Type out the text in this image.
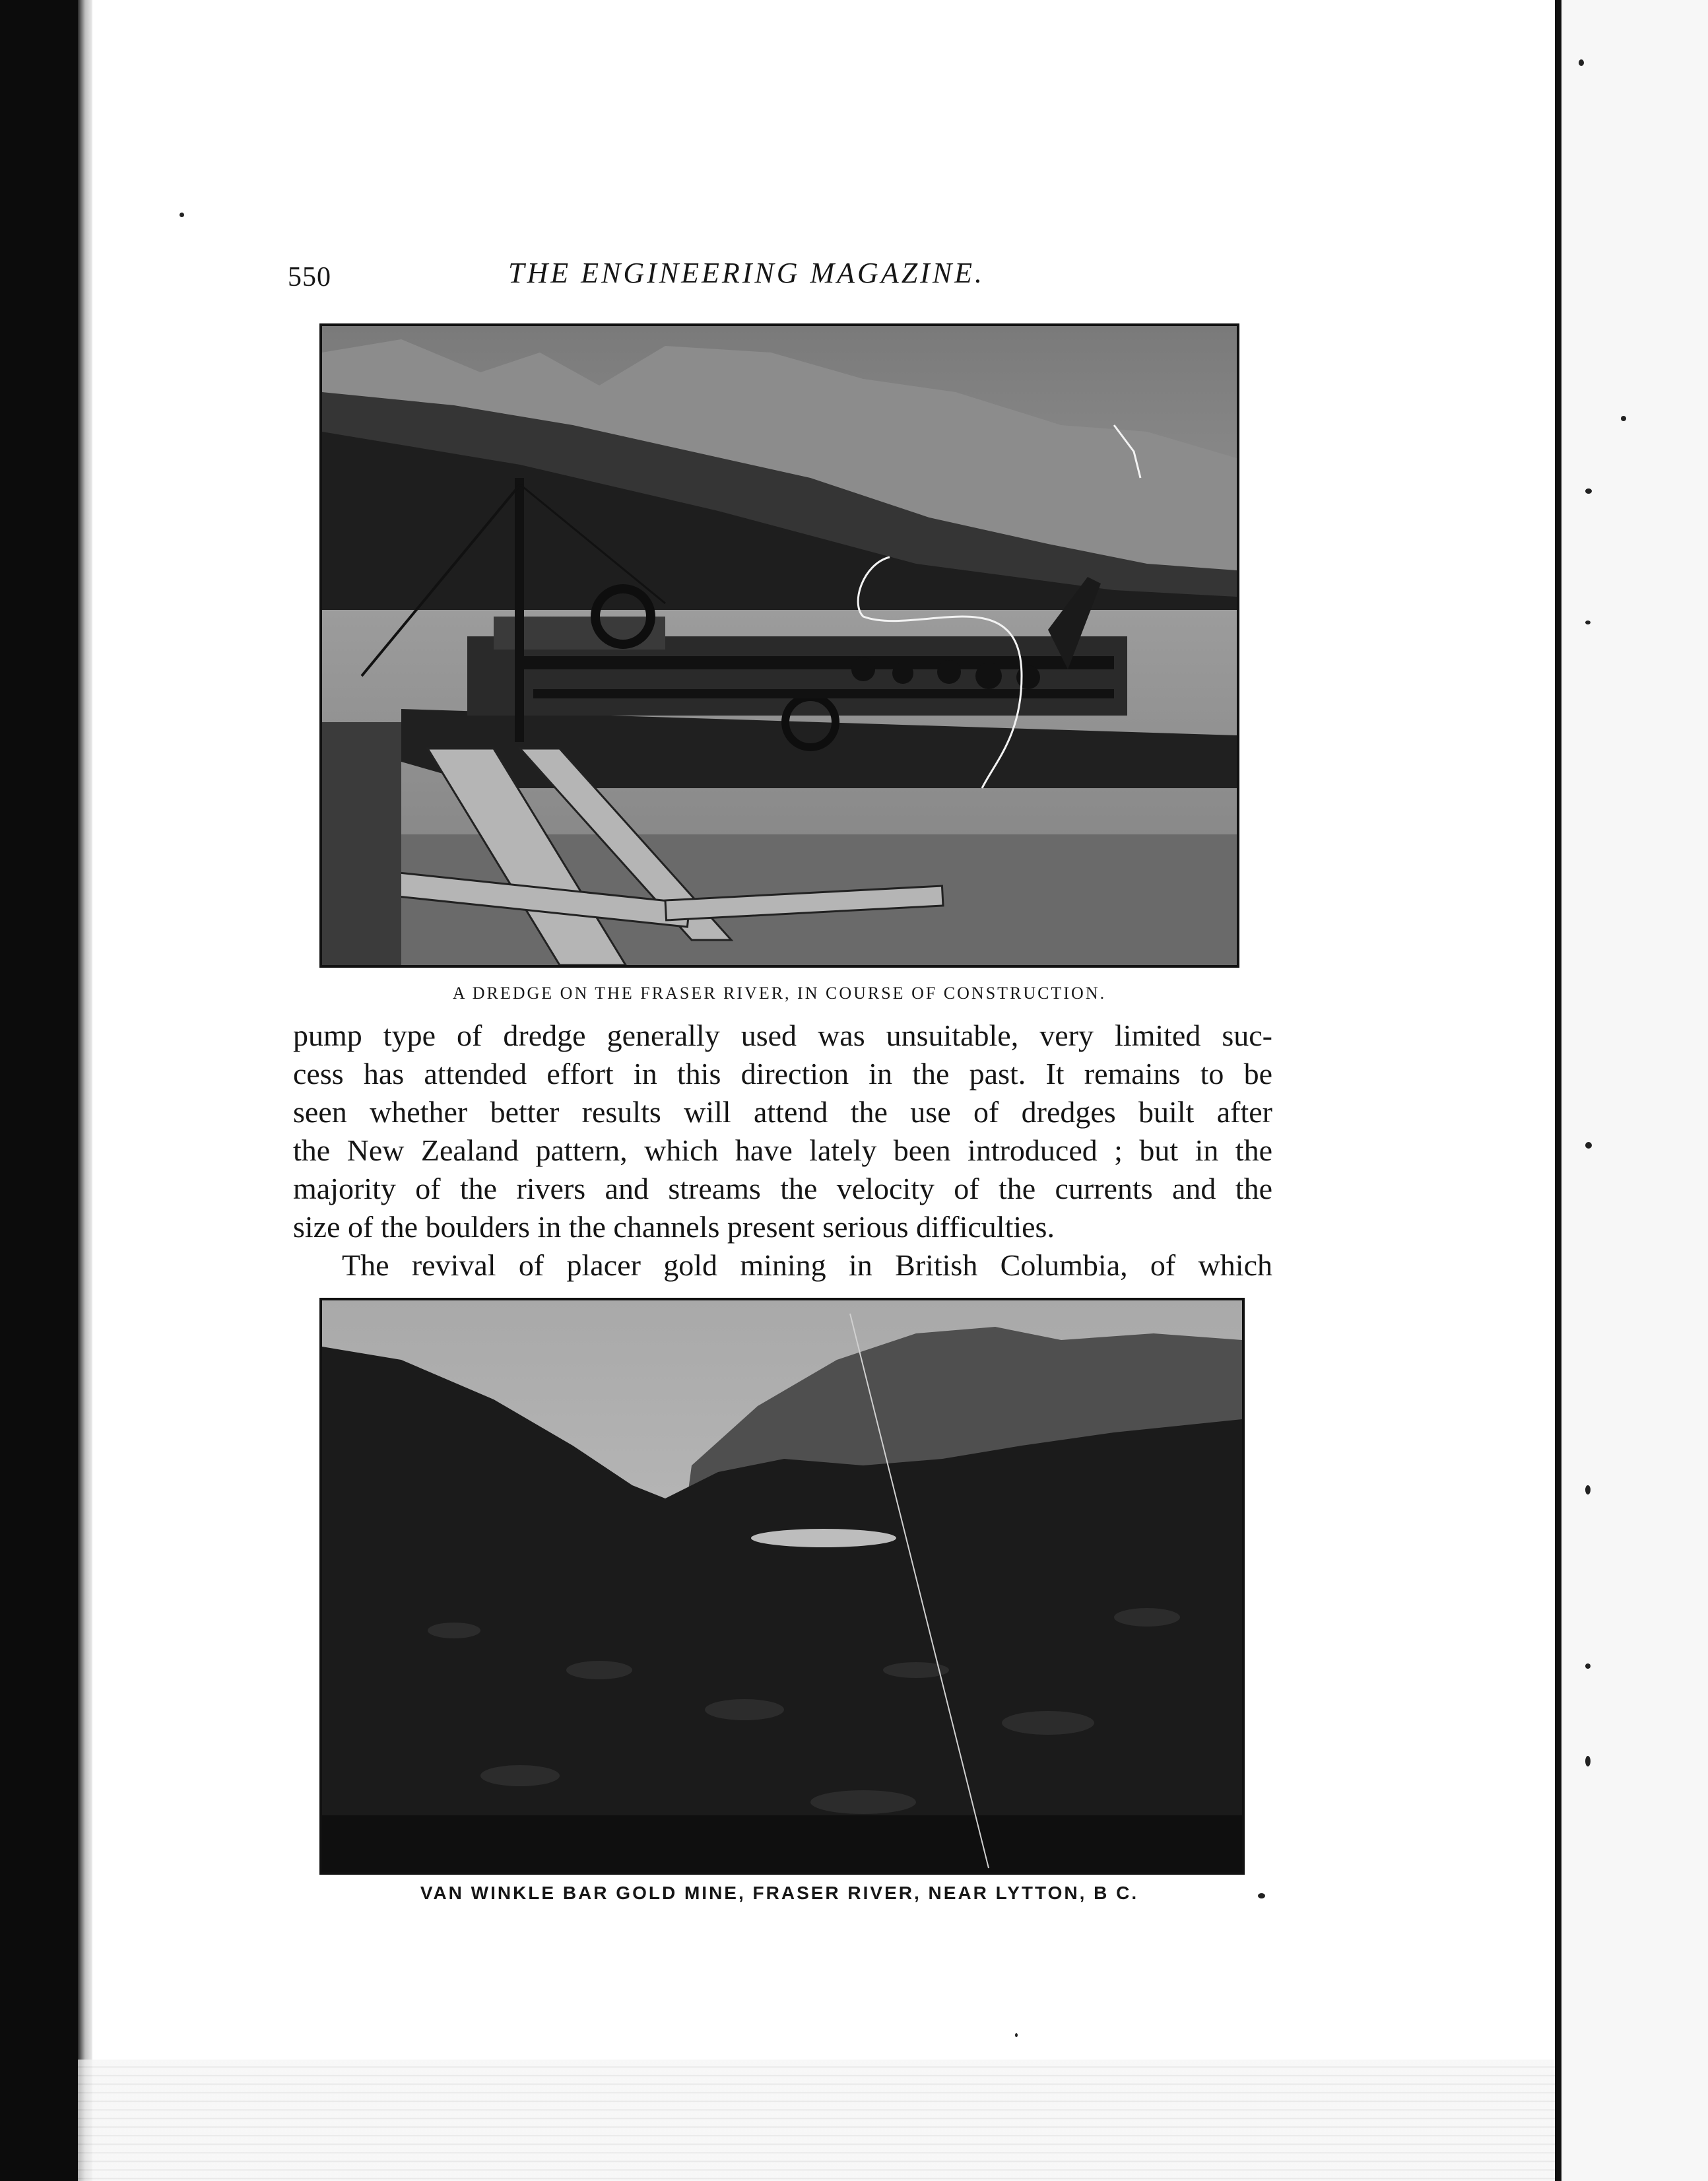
550	THE ENGINEERING MAGAZINE.
A DREDGE ON THE FRASER RIVER, IN COURSE OF CONSTRUCTION.
pump type of dredge generally used was unsuitable, very limited suc-
cess has attended effort in this direction in the past. It remains to be
seen whether better results will attend the use of dredges built after
the New Zealand pattern, which have lately been introduced ; but in the
majority of the rivers and streams the velocity of the currents and the
size of the boulders in the channels present serious difficulties.
The revival of placer gold mining in British Columbia, of which
VAN WINKLE BAR GOLD MINE, FRASER RIVER, NEAR LYTTON, B C.
